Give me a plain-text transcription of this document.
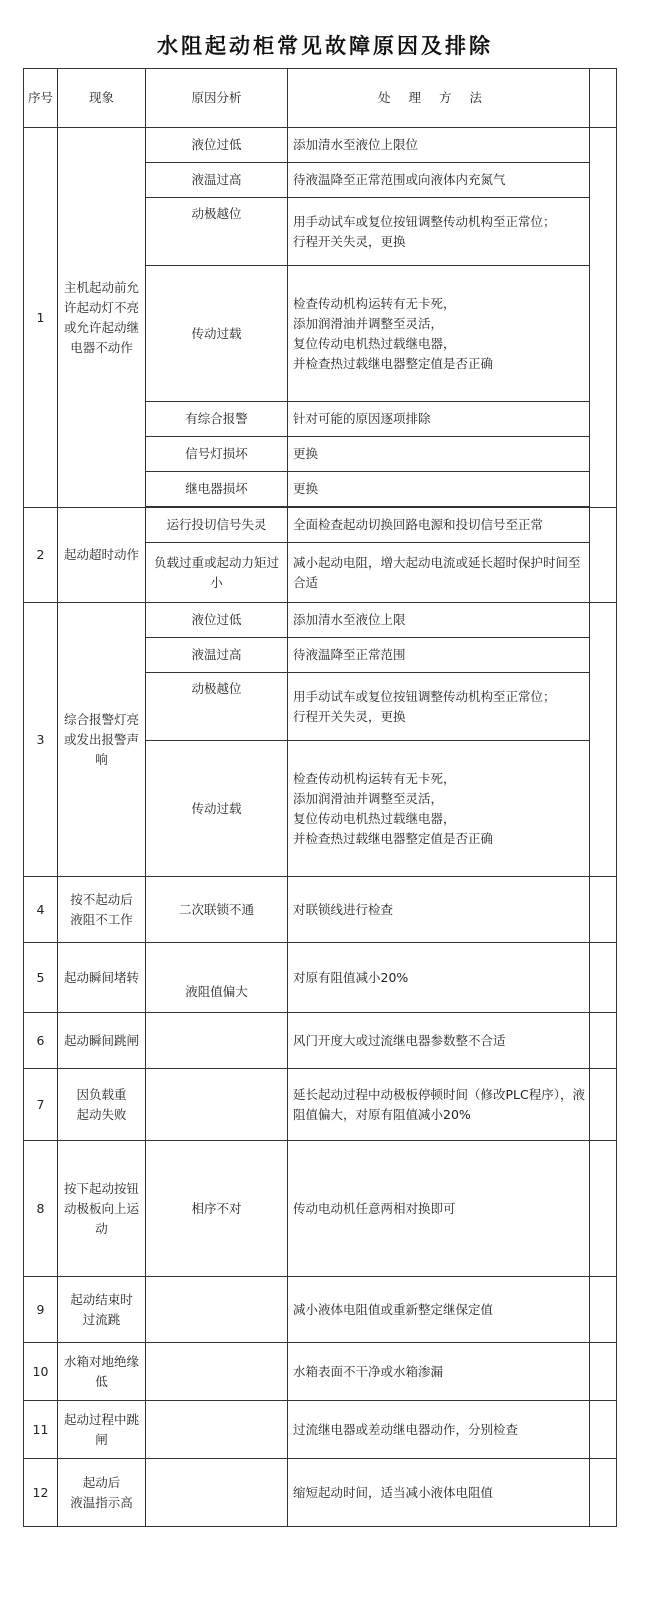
水阻起动柜常见故障原因及排除
序号	现象	原因分析	处理方法	
1	主机起动前允许起动灯不亮或允许起动继电器不动作	液位过低	添加清水至液位上限位	
		液温过高	待液温降至正常范围或向液体内充氮气	
		动极越位	用手动试车或复位按钮调整传动机构至正常位；
行程开关失灵，更换	

		传动过载	检查传动机构运转有无卡死，
添加润滑油并调整至灵活，
复位传动电机热过载继电器，
并检查热过载继电器整定值是否正确	

		有综合报警	针对可能的原因逐项排除	
		信号灯损坏	更换	
		继电器损坏	更换	

2	起动超时动作	运行投切信号失灵	全面检查起动切换回路电源和投切信号至正常	
		负载过重或起动力矩过小	减小起动电阻，增大起动电流或延长超时保护时间至合适	
3	综合报警灯亮
或发出报警声响	液位过低	添加清水至液位上限	
		液温过高	待液温降至正常范围	
		动极越位	用手动试车或复位按钮调整传动机构至正常位；
行程开关失灵，更换	

		传动过载	检查传动机构运转有无卡死，
添加润滑油并调整至灵活，
复位传动电机热过载继电器，
并检查热过载继电器整定值是否正确	

4	按不起动后
液阻不工作	二次联锁不通	对联锁线进行检查	
5	起动瞬间堵转	液阻值偏大	对原有阻值减小20%	
6	起动瞬间跳闸		风门开度大或过流继电器参数整不合适	
7	因负载重
起动失败		延长起动过程中动极板停顿时间（修改PLC程序），液阻值偏大，对原有阻值减小20%	
8	按下起动按钮
动极板向上运动	相序不对	传动电动机任意两相对换即可	
9	起动结束时
过流跳		减小液体电阻值或重新整定继保定值	
10	水箱对地绝缘低		水箱表面不干净或水箱渗漏	
11	起动过程中跳闸		过流继电器或差动继电器动作，分别检查	
12	起动后
液温指示高		缩短起动时间，适当减小液体电阻值	
